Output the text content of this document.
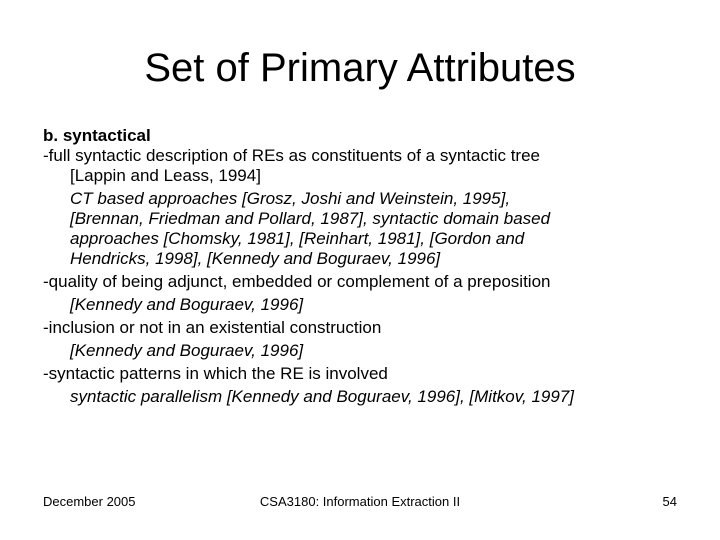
Set of Primary Attributes
b. syntactical
-full syntactic description of REs as constituents of a syntactic tree
[Lappin and Leass, 1994]
CT based approaches [Grosz, Joshi and Weinstein, 1995],
[Brennan, Friedman and Pollard, 1987], syntactic domain based
approaches [Chomsky, 1981], [Reinhart, 1981], [Gordon and
Hendricks, 1998], [Kennedy and Boguraev, 1996]
-quality of being adjunct, embedded or complement of a preposition
[Kennedy and Boguraev, 1996]
-inclusion or not in an existential construction
[Kennedy and Boguraev, 1996]
-syntactic patterns in which the RE is involved
syntactic parallelism [Kennedy and Boguraev, 1996], [Mitkov, 1997]
December 2005	CSA3180: Information Extraction II	54
